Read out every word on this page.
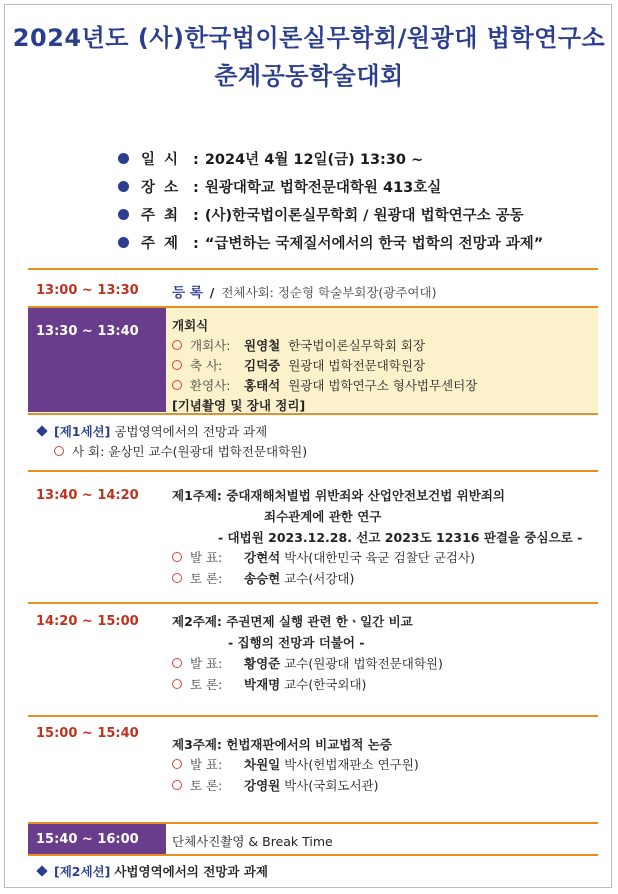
2024년도 (사)한국법이론실무학회/원광대 법학연구소
춘계공동학술대회
일 시 : 2024년 4월 12일(금) 13:30 ~
장 소 : 원광대학교 법학전문대학원 413호실
주 최 : (사)한국법이론실무학회 / 원광대 법학연구소 공동
주 제 : “급변하는 국제질서에서의 한국 법학의 전망과 과제”
13:00 ~ 13:30 등 록 / 전체사회: 정순형 학술부회장(광주여대)
13:30 ~ 13:40	개회식
개회사: 원영철 한국법이론실무학회 회장
축 사: 김덕중 원광대 법학전문대학원장
환영사: 홍태석 원광대 법학연구소 형사법무센터장
[기념촬영 및 장내 정리]
[제1세션] 공법영역에서의 전망과 과제
사 회: 윤상민 교수(원광대 법학전문대학원)
13:40 ~ 14:20	제1주제: 중대재해처벌법 위반죄와 산업안전보건법 위반죄의
죄수관계에 관한 연구
- 대법원 2023.12.28. 선고 2023도 12316 판결을 중심으로 -
발 표: 강현석 박사(대한민국 육군 검찰단 군검사)
토 론: 송승현 교수(서강대)
14:20 ~ 15:00	제2주제: 주권면제 실행 관련 한ㆍ일간 비교
- 집행의 전망과 더불어 -
발 표: 황영준 교수(원광대 법학전문대학원)
토 론: 박재명 교수(한국외대)
15:00 ~ 15:40
제3주제: 헌법재판에서의 비교법적 논증
발 표: 차원일 박사(헌법재판소 연구원)
토 론: 강영원 박사(국회도서관)
15:40 ~ 16:00	단체사진촬영 & Break Time
[제2세션] 사법영역에서의 전망과 과제
